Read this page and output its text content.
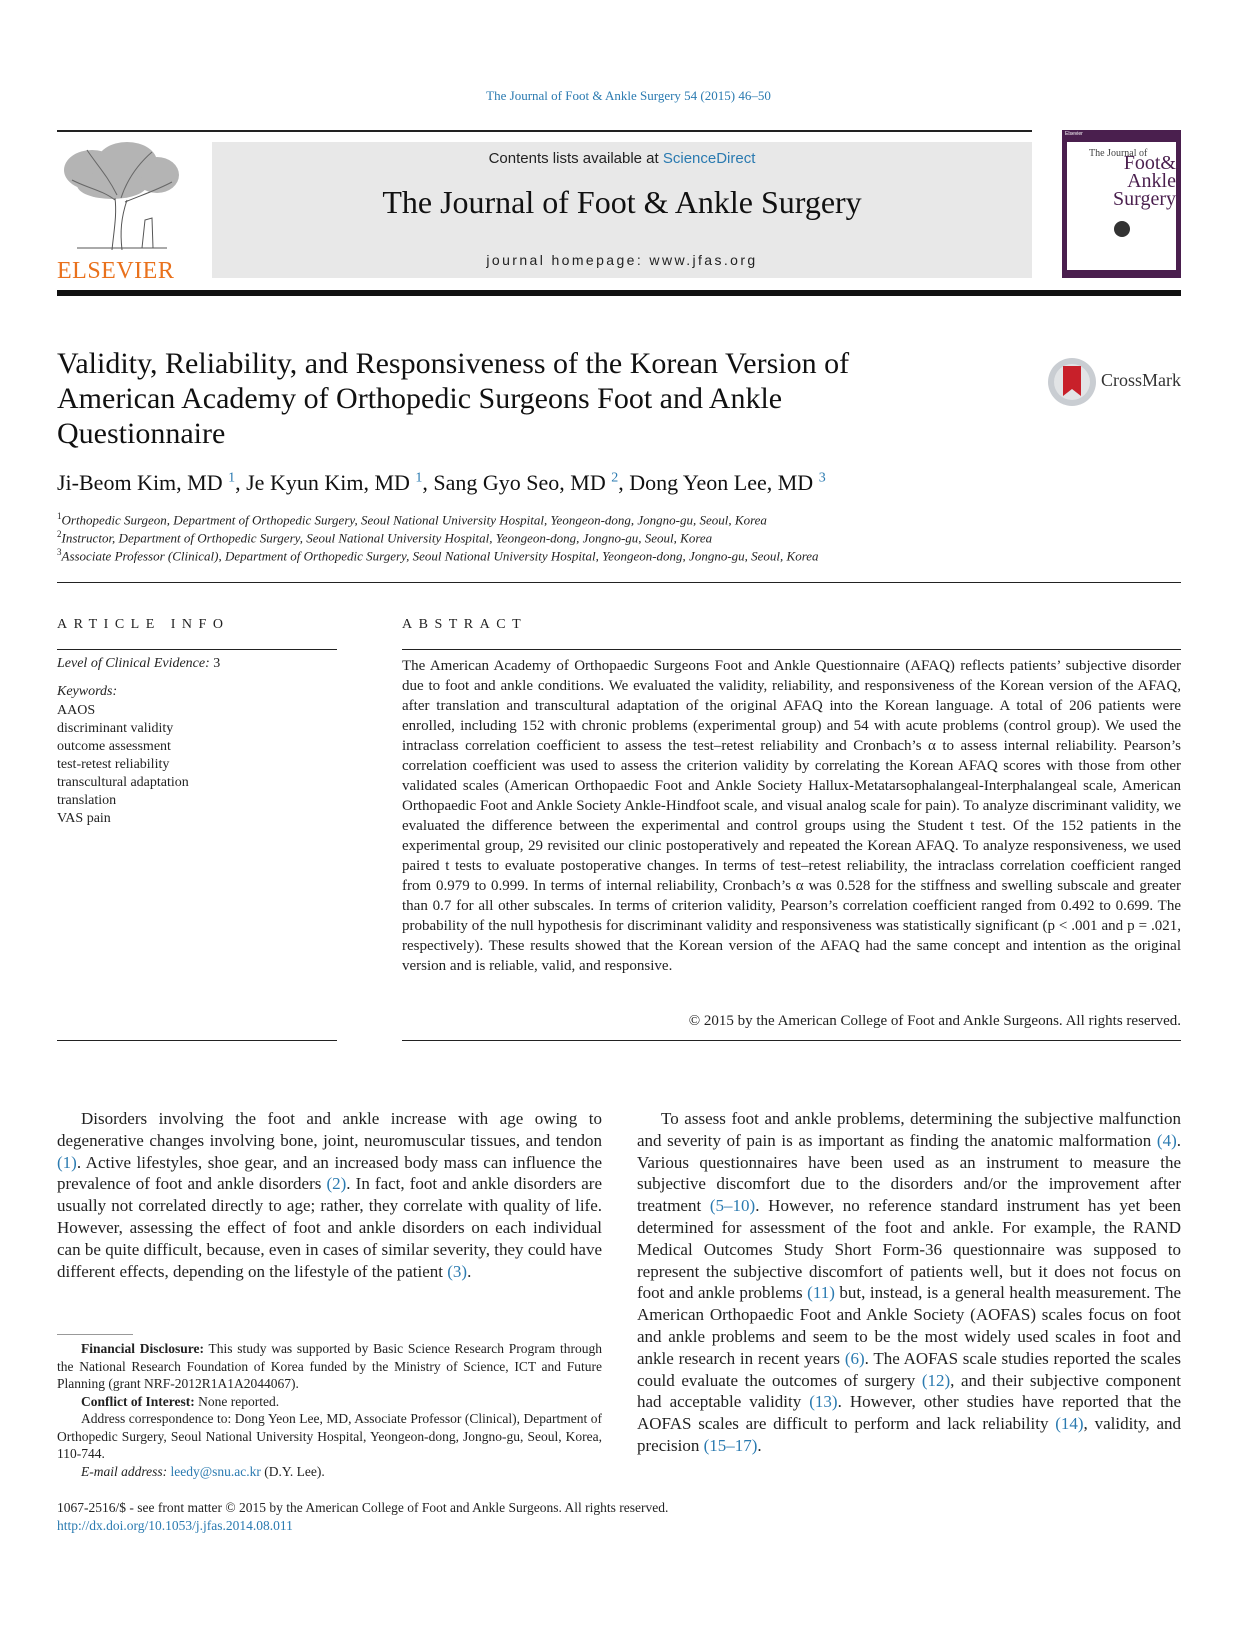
The Journal of Foot & Ankle Surgery 54 (2015) 46–50
ELSEVIER
Contents lists available at ScienceDirect
The Journal of Foot & Ankle Surgery
journal homepage: www.jfas.org
Elsevier
The Journal of
Foot& Ankle Surgery
Validity, Reliability, and Responsiveness of the Korean Version of American Academy of Orthopedic Surgeons Foot and Ankle Questionnaire
CrossMark
Ji-Beom Kim, MD $^1$, Je Kyun Kim, MD $^1$, Sang Gyo Seo, MD $^2$, Dong Yeon Lee, MD $^3$
$^1$Orthopedic Surgeon, Department of Orthopedic Surgery, Seoul National University Hospital, Yeongeon-dong, Jongno-gu, Seoul, Korea
$^2$Instructor, Department of Orthopedic Surgery, Seoul National University Hospital, Yeongeon-dong, Jongno-gu, Seoul, Korea
$^3$Associate Professor (Clinical), Department of Orthopedic Surgery, Seoul National University Hospital, Yeongeon-dong, Jongno-gu, Seoul, Korea
ARTICLE INFO
Level of Clinical Evidence: 3
Keywords:
AAOS
discriminant validity
outcome assessment
test-retest reliability
transcultural adaptation
translation
VAS pain
ABSTRACT
The American Academy of Orthopaedic Surgeons Foot and Ankle Questionnaire (AFAQ) reflects patients’ subjective disorder due to foot and ankle conditions. We evaluated the validity, reliability, and responsiveness of the Korean version of the AFAQ, after translation and transcultural adaptation of the original AFAQ into the Korean language. A total of 206 patients were enrolled, including 152 with chronic problems (experimental group) and 54 with acute problems (control group). We used the intraclass correlation coefficient to assess the test–retest reliability and Cronbach’s α to assess internal reliability. Pearson’s correlation coefficient was used to assess the criterion validity by correlating the Korean AFAQ scores with those from other validated scales (American Orthopaedic Foot and Ankle Society Hallux-Metatarsophalangeal-Interphalangeal scale, American Orthopaedic Foot and Ankle Society Ankle-Hindfoot scale, and visual analog scale for pain). To analyze discriminant validity, we evaluated the difference between the experimental and control groups using the Student t test. Of the 152 patients in the experimental group, 29 revisited our clinic postoperatively and repeated the Korean AFAQ. To analyze responsiveness, we used paired t tests to evaluate postoperative changes. In terms of test–retest reliability, the intraclass correlation coefficient ranged from 0.979 to 0.999. In terms of internal reliability, Cronbach’s α was 0.528 for the stiffness and swelling subscale and greater than 0.7 for all other subscales. In terms of criterion validity, Pearson’s correlation coefficient ranged from 0.492 to 0.699. The probability of the null hypothesis for discriminant validity and responsiveness was statistically significant (p < .001 and p = .021, respectively). These results showed that the Korean version of the AFAQ had the same concept and intention as the original version and is reliable, valid, and responsive.
© 2015 by the American College of Foot and Ankle Surgeons. All rights reserved.

Disorders involving the foot and ankle increase with age owing to degenerative changes involving bone, joint, neuromuscular tissues, and tendon (1). Active lifestyles, shoe gear, and an increased body mass can influence the prevalence of foot and ankle disorders (2). In fact, foot and ankle disorders are usually not correlated directly to age; rather, they correlate with quality of life. However, assessing the effect of foot and ankle disorders on each individual can be quite difficult, because, even in cases of similar severity, they could have different effects, depending on the lifestyle of the patient (3).

To assess foot and ankle problems, determining the subjective malfunction and severity of pain is as important as finding the anatomic malformation (4). Various questionnaires have been used as an instrument to measure the subjective discomfort due to the disorders and/or the improvement after treatment (5–10). However, no reference standard instrument has yet been determined for assessment of the foot and ankle. For example, the RAND Medical Outcomes Study Short Form-36 questionnaire was supposed to represent the subjective discomfort of patients well, but it does not focus on foot and ankle problems (11) but, instead, is a general health measurement. The American Orthopaedic Foot and Ankle Society (AOFAS) scales focus on foot and ankle problems and seem to be the most widely used scales in foot and ankle research in recent years (6). The AOFAS scale studies reported the scales could evaluate the outcomes of surgery (12), and their subjective component had acceptable validity (13). However, other studies have reported that the AOFAS scales are difficult to perform and lack reliability (14), validity, and precision (15–17).

Financial Disclosure: This study was supported by Basic Science Research Program through the National Research Foundation of Korea funded by the Ministry of Science, ICT and Future Planning (grant NRF-2012R1A1A2044067).

Conflict of Interest: None reported.

Address correspondence to: Dong Yeon Lee, MD, Associate Professor (Clinical), Department of Orthopedic Surgery, Seoul National University Hospital, Yeongeon-dong, Jongno-gu, Seoul, Korea, 110-744.

E-mail address: leedy@snu.ac.kr (D.Y. Lee).

1067-2516/$ - see front matter © 2015 by the American College of Foot and Ankle Surgeons. All rights reserved.
http://dx.doi.org/10.1053/j.jfas.2014.08.011
